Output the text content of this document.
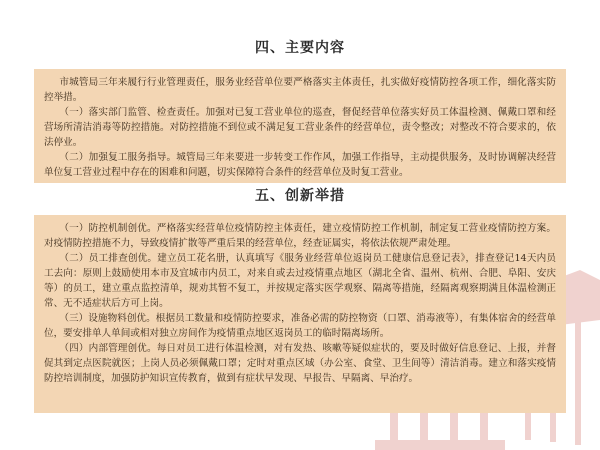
四、主要内容

市城管局三年来履行行业管理责任，服务业经营单位要严格落实主体责任，扎实做好疫情防控各项工作，细化落实防控举措。

（一）落实部门监管、检查责任。加强对已复工营业单位的巡查，督促经营单位落实好员工体温检测、佩戴口罩和经营场所清洁消毒等防控措施。对防控措施不到位或不满足复工营业条件的经营单位，责令整改；对整改不符合要求的，依法停业。

（二）加强复工服务指导。城管局三年来要进一步转变工作作风，加强工作指导，主动提供服务，及时协调解决经营单位复工营业过程中存在的困难和问题，切实保障符合条件的经营单位及时复工营业。

五、创新举措

（一）防控机制创优。严格落实经营单位疫情防控主体责任，建立疫情防控工作机制，制定复工营业疫情防控方案。对疫情防控措施不力，导致疫情扩散等严重后果的经营单位，经查证属实，将依法依规严肃处理。

（二）员工排查创优。建立员工花名册，认真填写《服务业经营单位返岗员工健康信息登记表》，排查登记14天内员工去向：原则上鼓励使用本市及宜城市内员工，对来自或去过疫情重点地区（湖北全省、温州、杭州、合肥、阜阳、安庆等）的员工，建立重点监控清单，规劝其暂不复工，并按规定落实医学观察、隔离等措施，经隔离观察期满且体温检测正常、无不适症状后方可上岗。

（三）设施物料创优。根据员工数量和疫情防控要求，准备必需的防控物资（口罩、消毒液等），有集体宿舍的经营单位，要安排单人单间或相对独立房间作为疫情重点地区返岗员工的临时隔离场所。

（四）内部管理创优。每日对员工进行体温检测，对有发热、咳嗽等疑似症状的，要及时做好信息登记、上报，并督促其到定点医院就医；上岗人员必须佩戴口罩；定时对重点区域（办公室、食堂、卫生间等）清洁消毒。建立和落实疫情防控培训制度，加强防护知识宣传教育，做到有症状早发现、早报告、早隔离、早治疗。
